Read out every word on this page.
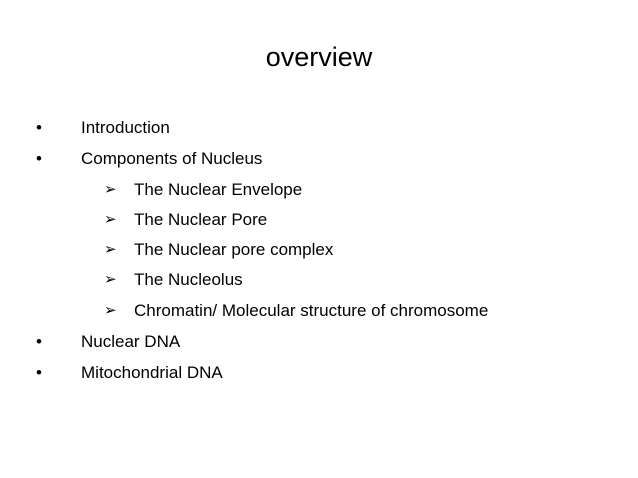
overview
• Introduction
• Components of Nucleus
➢ The Nuclear Envelope
➢ The Nuclear Pore
➢ The Nuclear pore complex
➢ The Nucleolus
➢ Chromatin/ Molecular structure of chromosome
• Nuclear DNA
• Mitochondrial DNA
